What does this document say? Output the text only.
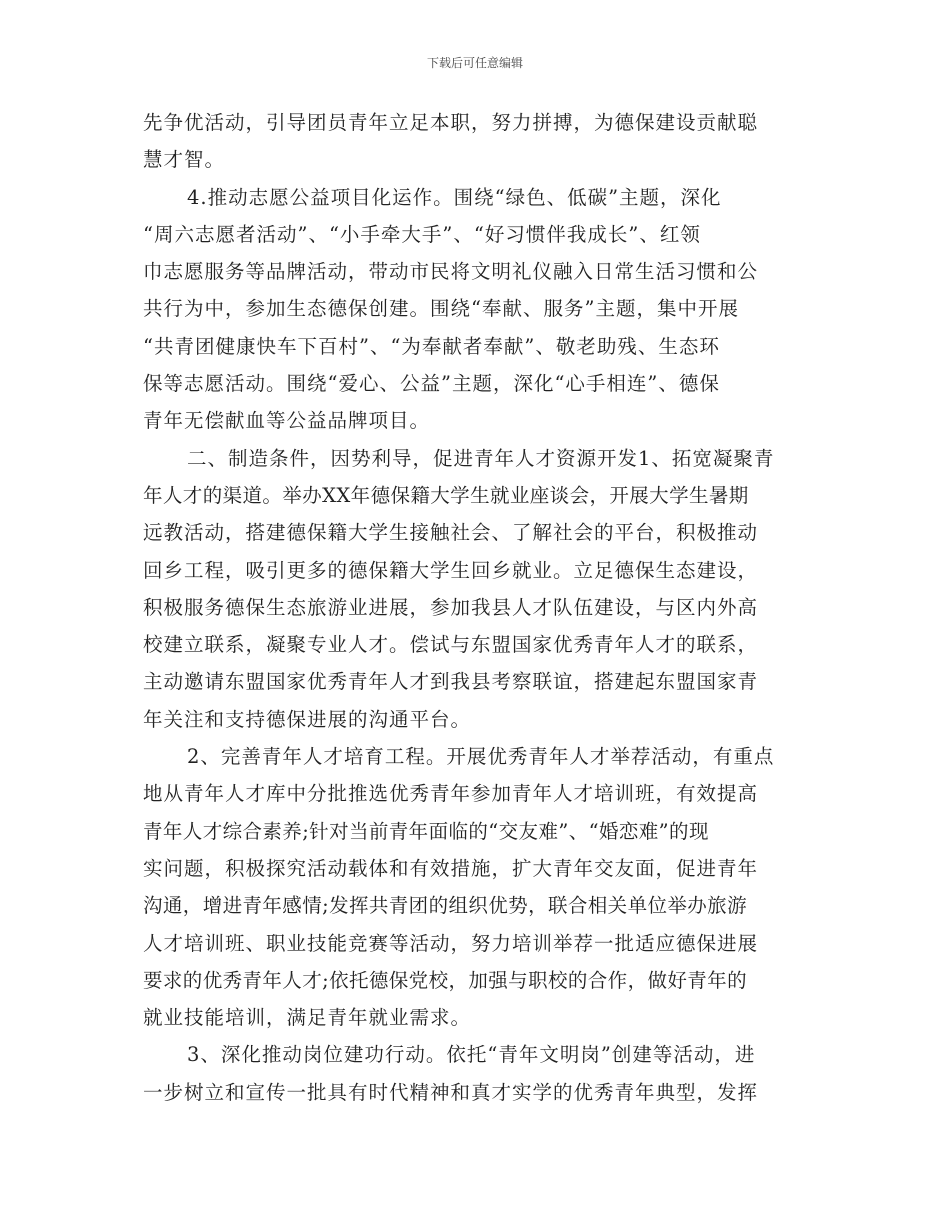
下载后可任意编辑

先争优活动，引导团员青年立足本职，努力拼搏，为德保建设贡献聪
慧才智。

4.推动志愿公益项目化运作。围绕“绿色、低碳”主题，深化
“周六志愿者活动”、“小手牵大手”、“好习惯伴我成长”、红领
巾志愿服务等品牌活动，带动市民将文明礼仪融入日常生活习惯和公
共行为中，参加生态德保创建。围绕“奉献、服务”主题，集中开展
“共青团健康快车下百村”、“为奉献者奉献”、敬老助残、生态环
保等志愿活动。围绕“爱心、公益”主题，深化“心手相连”、德保
青年无偿献血等公益品牌项目。

二、制造条件，因势利导，促进青年人才资源开发1、拓宽凝聚青
年人才的渠道。举办XX年德保籍大学生就业座谈会，开展大学生暑期
远教活动，搭建德保籍大学生接触社会、了解社会的平台，积极推动
回乡工程，吸引更多的德保籍大学生回乡就业。立足德保生态建设，
积极服务德保生态旅游业进展，参加我县人才队伍建设，与区内外高
校建立联系，凝聚专业人才。偿试与东盟国家优秀青年人才的联系，
主动邀请东盟国家优秀青年人才到我县考察联谊，搭建起东盟国家青
年关注和支持德保进展的沟通平台。

2、完善青年人才培育工程。开展优秀青年人才举荐活动，有重点
地从青年人才库中分批推选优秀青年参加青年人才培训班，有效提高
青年人才综合素养;针对当前青年面临的“交友难”、“婚恋难”的现
实问题，积极探究活动载体和有效措施，扩大青年交友面，促进青年
沟通，增进青年感情;发挥共青团的组织优势，联合相关单位举办旅游
人才培训班、职业技能竞赛等活动，努力培训举荐一批适应德保进展
要求的优秀青年人才;依托德保党校，加强与职校的合作，做好青年的
就业技能培训，满足青年就业需求。

3、深化推动岗位建功行动。依托“青年文明岗”创建等活动，进
一步树立和宣传一批具有时代精神和真才实学的优秀青年典型，发挥
